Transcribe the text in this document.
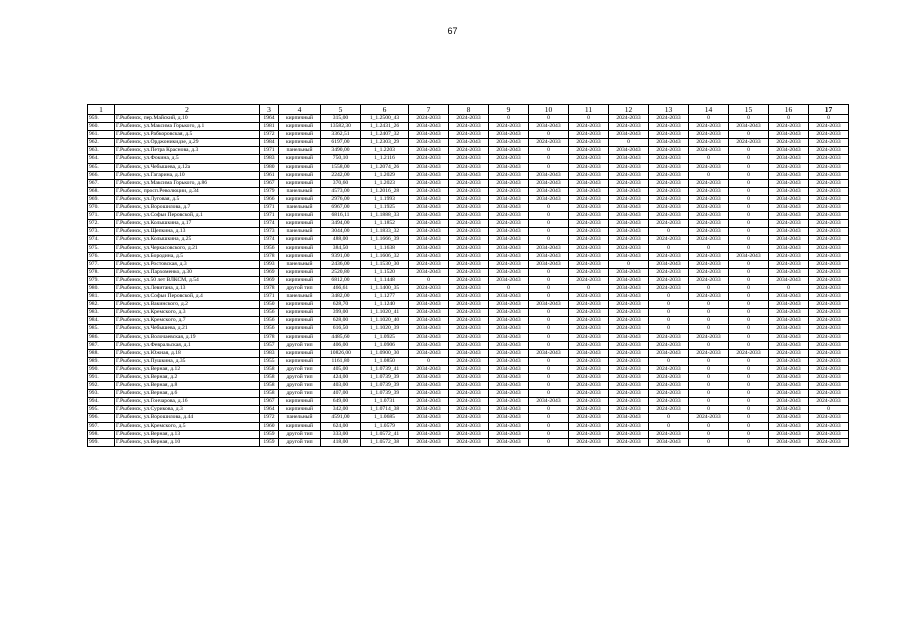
67
1	2	3	4	5	6	7	8	9	10	11	12	13	14	15	16	17
959.	Г.Рыбинск, пер.Майский, д.10	1964	кирпичный	315,00	1_1.2500_43	2024-2033	2024-2033	0	0	0	2024-2033	2024-2033	0	0	0	0
960.	Г.Рыбинск, ул.Максима Горького, д.1	1981	кирпичный	13582,30	1_1.2431_26	2034-2043	2024-2033	2024-2033	2034-2043	2024-2033	2024-2033	2024-2033	2024-2033	2034-2043	2024-2033	2024-2033
961.	Г.Рыбинск, ул.Рабкоровская, д.5	1972	кирпичный	3362,51	1_1.2407_32	2034-2043	2024-2033	2034-2043	0	2024-2033	2034-2043	2024-2033	2024-2033	0	2034-2043	2024-2033
962.	Г.Рыбинск, ул.Орджоникидзе, д.29	1984	кирпичный	6197,00	1_1.2303_29	2034-2043	2034-2043	2034-2043	2024-2033	2024-2033	0	2034-2043	2024-2033	2024-2033	2024-2033	2024-2033
963.	Г.Рыбинск, ул.Петра Краснова, д.3	1971	панельный	3490,00	1_1.2203	2034-2043	2024-2033	2034-2043	0	2024-2033	2034-2043	2024-2033	2024-2033	0	2034-2043	2024-2033
964.	Г.Рыбинск, ул.Фокина, д.5	1983	кирпичный	750,10	1_1.2116	2024-2033	2024-2033	2024-2033	0	2024-2033	2034-2043	2024-2033	0	0	2034-2043	2024-2033
965.	Г.Рыбинск, ул.Чебышева, д.12а	1980	кирпичный	1558,00	1_1.2074_26	2034-2043	2024-2033	2034-2043	0	2024-2033	2024-2033	2024-2033	2024-2033	0	2024-2033	2024-2033
966.	Г.Рыбинск, ул.Гагарина, д.10	1961	кирпичный	2242,00	1_1.2029	2034-2043	2034-2043	2024-2033	2034-2043	2024-2033	2024-2033	2024-2033	0	0	2034-2043	2024-2033
967.	Г.Рыбинск, ул.Максима Горького, д.86	1967	кирпичный	370,60	1_1.2023	2034-2043	2024-2033	2034-2043	2034-2043	2034-2043	2024-2033	2024-2033	2024-2033	0	2034-2043	2024-2033
968.	Г.Рыбинск, просп.Революции, д.34	1979	панельный	4573,00	1_1.2016_28	2034-2043	2024-2033	2024-2033	2034-2043	2034-2043	2034-2043	2024-2033	2024-2033	0	2034-2043	2024-2033
969.	Г.Рыбинск, ул.Луговая, д.5	1966	кирпичный	2976,00	1_1.1993	2034-2043	2024-2033	2034-2043	2034-2043	2024-2033	2024-2033	2024-2033	2024-2033	0	2034-2043	2024-2033
970.	Г.Рыбинск, ул.Ворошилова, д.7	1971	панельный	6967,00	1_1.1925	2034-2043	2024-2033	2034-2043	0	2024-2033	2034-2043	2024-2033	2024-2033	0	2034-2043	2024-2033
971.	Г.Рыбинск, ул.Софьи Перовской, д.1	1971	кирпичный	6816,11	1_1.1888_33	2034-2043	2024-2033	2024-2033	0	2024-2033	2034-2043	2024-2033	2024-2033	0	2034-2043	2024-2033
972.	Г.Рыбинск, ул.Колышкина, д.17	1974	кирпичный	3494,00	1_1.1852	2034-2043	2024-2033	2024-2033	0	2024-2033	2034-2043	2024-2033	2024-2033	0	2024-2033	2024-2033
973.	Г.Рыбинск, ул.Щепкина, д.13	1973	панельный	3044,00	1_1.1833_32	2034-2043	2024-2033	2034-2043	0	2024-2033	2034-2043	0	2024-2033	0	2034-2043	2024-2033
974.	Г.Рыбинск, ул.Колышкина, д.25	1974	кирпичный	488,00	1_1.1666_39	2034-2043	2024-2033	2034-2043	0	2024-2033	2024-2033	2024-2033	2024-2033	0	2034-2043	2024-2033
975.	Г.Рыбинск, ул.Черкасовского, д.21	1956	кирпичный	384,50	1_1.1638	2034-2043	2024-2033	2034-2043	2034-2043	2024-2033	2024-2033	0	0	0	2034-2043	2024-2033
976.	Г.Рыбинск, ул.Бородина, д.5	1978	кирпичный	9391,00	1_1.1606_32	2034-2043	2024-2033	2034-2043	2034-2043	2024-2033	2034-2043	2024-2033	2024-2033	2034-2043	2024-2033	2024-2033
977.	Г.Рыбинск, ул.Ростовская, д.3	1993	панельный	2436,00	1_1.1530_30	2024-2033	2024-2033	2024-2033	2034-2043	2024-2033	0	2034-2043	2024-2033	0	2024-2033	2024-2033
978.	Г.Рыбинск, ул.Пархоменко, д.30	1969	кирпичный	2520,80	1_1.1520	2034-2043	2024-2033	2034-2043	0	2024-2033	2034-2043	2024-2033	2024-2033	0	2034-2043	2024-2033
979.	Г.Рыбинск, ул.50 лет ВЛКСМ, д.54	1969	кирпичный	6812,00	1_1.1448	0	2024-2033	2034-2043	0	2024-2033	2034-2043	2024-2033	2024-2033	0	2034-2043	2024-2033
980.	Г.Рыбинск, ул.Левитана, д.13	1978	другой тип	466,61	1_1.1400_35	2024-2033	2024-2033	0	0	0	2034-2043	2024-2033	0	0	0	2024-2033
981.	Г.Рыбинск, ул.Софьи Перовской, д.4	1971	панельный	3482,00	1_1.1277	2034-2043	2024-2033	2034-2043	0	2024-2033	2034-2043	0	2024-2033	0	2034-2043	2024-2033
982.	Г.Рыбинск, ул.Вакинского, д.2	1950	кирпичный	628,70	1_1.1240	2034-2043	2024-2033	2034-2043	2034-2043	2024-2033	2024-2033	0	0	0	2034-2043	2024-2033
983.	Г.Рыбинск, ул.Кремского, д.3	1956	кирпичный	399,00	1_1.1020_41	2034-2043	2024-2033	2034-2043	0	2024-2033	2024-2033	0	0	0	2034-2043	2024-2033
984.	Г.Рыбинск, ул.Кремского, д.7	1956	кирпичный	628,00	1_1.1020_40	2034-2043	2024-2033	2034-2043	0	2024-2033	2024-2033	0	0	0	2034-2043	2024-2033
985.	Г.Рыбинск, ул.Чебышева, д.21	1956	кирпичный	616,50	1_1.1020_39	2034-2043	2024-2033	2034-2043	0	2024-2033	2024-2033	0	0	0	2034-2043	2024-2033
986.	Г.Рыбинск, ул.Волочаевская, д.19	1978	кирпичный	4485,60	1_1.0925	2034-2043	2024-2033	2034-2043	0	2024-2033	2034-2043	2024-2033	2024-2033	0	2034-2043	2024-2033
987.	Г.Рыбинск, ул.Февральская, д.1	1957	другой тип	406,00	1_1.0906	2034-2043	2024-2033	2034-2043	0	2024-2033	2024-2033	2024-2033	0	0	2034-2043	2024-2033
988.	Г.Рыбинск, ул.Южная, д.18	1983	кирпичный	10826,00	1_1.0900_30	2034-2043	2034-2043	2034-2043	2034-2043	2034-2043	2024-2033	2034-2043	2024-2033	2024-2033	2024-2033	2024-2033
989.	Г.Рыбинск, ул.Пушкина, д.35	1955	кирпичный	1161,80	1_1.0850	0	2024-2033	2034-2043	0	2024-2033	2024-2033	0	0	0	2034-2043	2024-2033
990.	Г.Рыбинск, ул.Верная, д.12	1958	другой тип	405,00	1_1.0739_41	2034-2043	2024-2033	2034-2043	0	2024-2033	2024-2033	2024-2033	0	0	2034-2043	2024-2033
991.	Г.Рыбинск, ул.Верная, д.2	1958	другой тип	424,00	1_1.0739_39	2034-2043	2024-2033	2034-2043	0	2024-2033	2024-2033	2024-2033	0	0	2034-2043	2024-2033
992.	Г.Рыбинск, ул.Верная, д.8	1958	другой тип	403,00	1_1.0739_39	2034-2043	2024-2033	2034-2043	0	2024-2033	2024-2033	2024-2033	0	0	2034-2043	2024-2033
993.	Г.Рыбинск, ул.Верная, д.6	1958	другой тип	407,00	1_1.0739_39	2034-2043	2024-2033	2034-2043	0	2024-2033	2024-2033	2024-2033	0	0	2034-2043	2024-2033
994.	Г.Рыбинск, ул.Гончарова, д.16	1967	кирпичный	649,00	1_1.0731	2034-2043	2024-2033	2034-2043	2034-2043	2024-2033	2024-2033	2024-2033	0	0	2034-2043	2024-2033
995.	Г.Рыбинск, ул.Суриковa, д.3	1964	кирпичный	342,00	1_1.0714_38	2034-2043	2024-2033	2034-2043	0	2024-2033	2024-2033	2024-2033	0	0	2034-2043	0
996.	Г.Рыбинск, ул.Ворошилова, д.44	1972	панельный	4591,00	1_1.0685	2034-2043	2024-2033	2034-2043	0	2024-2033	2034-2043	0	2024-2033	0	2034-2043	2024-2033
997.	Г.Рыбинск, ул.Кремского, д.5	1960	кирпичный	624,00	1_1.0579	2034-2043	2024-2033	2034-2043	0	2024-2033	2024-2033	0	0	0	2034-2043	2024-2033
998.	Г.Рыбинск, ул.Верная, д.13	1959	другой тип	333,00	1_1.0572_41	2034-2043	2024-2033	2034-2043	0	2024-2033	2024-2033	2024-2033	0	0	2034-2043	2024-2033
999.	Г.Рыбинск, ул.Верная, д.10	1959	другой тип	418,00	1_1.0572_38	2034-2043	2024-2033	2034-2043	0	2024-2033	2024-2033	2034-2043	0	0	2034-2043	2024-2033
